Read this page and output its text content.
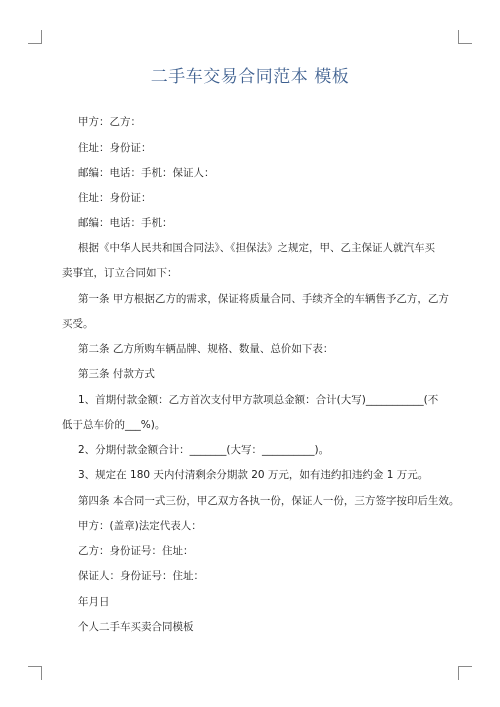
二手车交易合同范本 模板
甲方：乙方：
住址：身份证：
邮编：电话：手机：保证人：
住址：身份证：
邮编：电话：手机：
根据《中华人民共和国合同法》、《担保法》之规定，甲、乙主保证人就汽车买
卖事宜，订立合同如下：
第一条 甲方根据乙方的需求，保证将质量合同、手续齐全的车辆售予乙方，乙方
买受。
第二条 乙方所购车辆品牌、规格、数量、总价如下表：
第三条 付款方式
1、首期付款金额：乙方首次支付甲方款项总金额：合计(大写)___________(不
低于总车价的___%)。
2、分期付款金额合计：_______(大写：__________)。
3、规定在 180 天内付清剩余分期款 20 万元，如有违约扣违约金 1 万元。
第四条 本合同一式三份，甲乙双方各执一份，保证人一份，三方签字按印后生效。
甲方：(盖章)法定代表人：
乙方：身份证号：住址：
保证人：身份证号：住址：
年月日
个人二手车买卖合同模板
